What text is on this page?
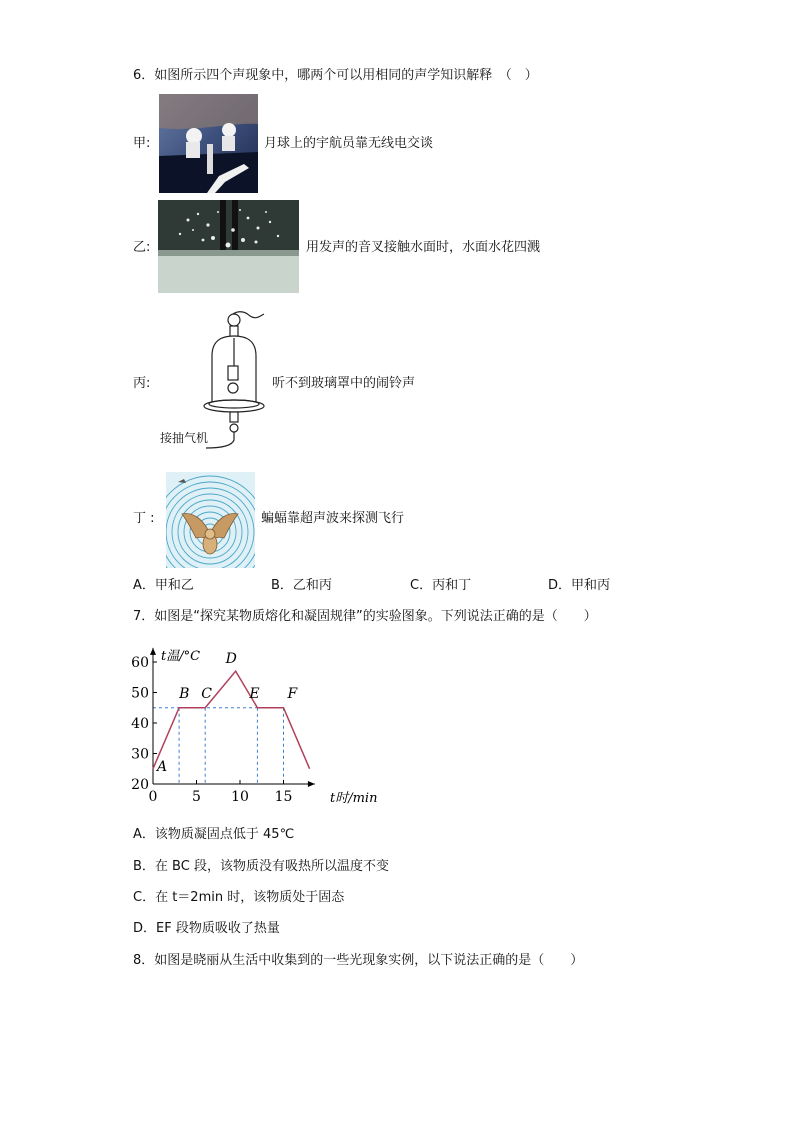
6．如图所示四个声现象中，哪两个可以用相同的声学知识解释　（　）
甲:	月球上的宇航员靠无线电交谈
乙:	用发声的音叉接触水面时，水面水花四溅
丙:
接抽气机
听不到玻璃罩中的闹铃声
丁 :	蝙蝠靠超声波来探测飞行
A．甲和乙	B．乙和丙	C．丙和丁	D．甲和丙
7．如图是“探究某物质熔化和凝固规律”的实验图象。下列说法正确的是（　　）
20
30
40
50
60
0 5 10 15
A
B C
D
E F
t温/°C
t时/min
A．该物质凝固点低于 45℃
B．在 BC 段，该物质没有吸热所以温度不变
C．在 t＝2min 时，该物质处于固态
D．EF 段物质吸收了热量
8．如图是晓丽从生活中收集到的一些光现象实例，以下说法正确的是（　　）
